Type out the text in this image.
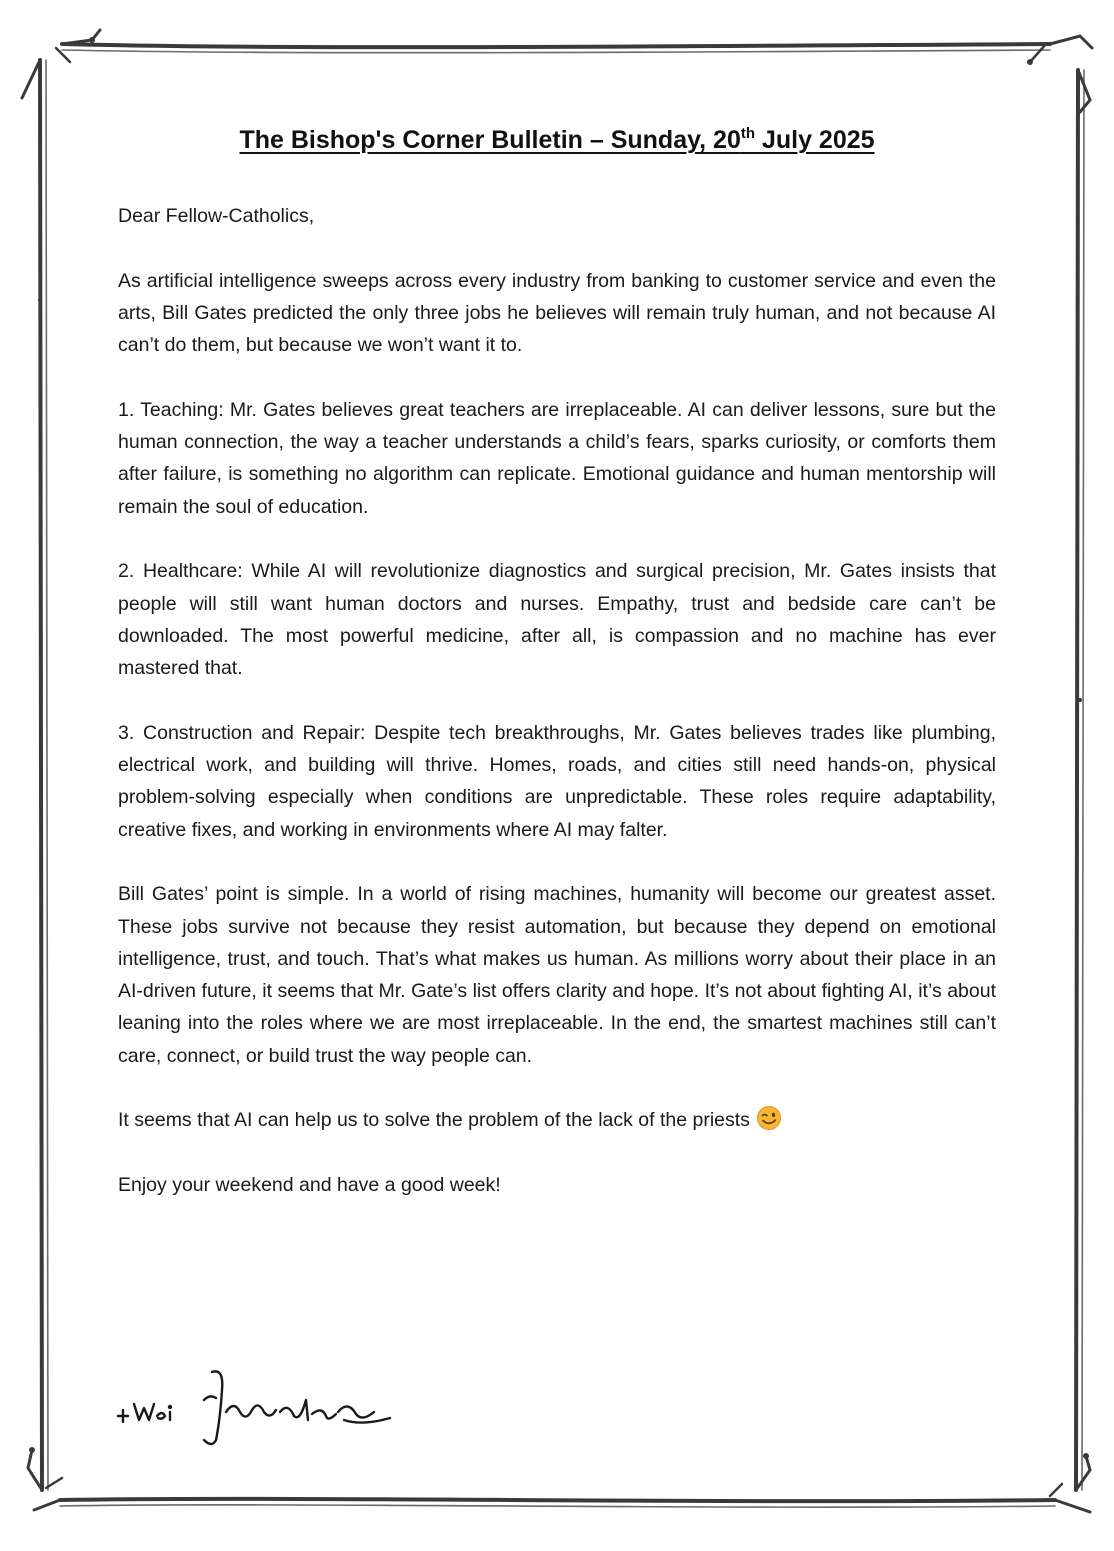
The Bishop's Corner Bulletin – Sunday, 20th July 2025

Dear Fellow-Catholics,

As artificial intelligence sweeps across every industry from banking to customer service and even the arts, Bill Gates predicted the only three jobs he believes will remain truly human, and not because AI can’t do them, but because we won’t want it to.

1. Teaching: Mr. Gates believes great teachers are irreplaceable. AI can deliver lessons, sure but the human connection, the way a teacher understands a child’s fears, sparks curiosity, or comforts them after failure, is something no algorithm can replicate. Emotional guidance and human mentorship will remain the soul of education.

2. Healthcare: While AI will revolutionize diagnostics and surgical precision, Mr. Gates insists that people will still want human doctors and nurses. Empathy, trust and bedside care can’t be downloaded. The most powerful medicine, after all, is compassion and no machine has ever mastered that.

3. Construction and Repair: Despite tech breakthroughs, Mr. Gates believes trades like plumbing, electrical work, and building will thrive. Homes, roads, and cities still need hands-on, physical problem-solving especially when conditions are unpredictable. These roles require adaptability, creative fixes, and working in environments where AI may falter.

Bill Gates’ point is simple. In a world of rising machines, humanity will become our greatest asset. These jobs survive not because they resist automation, but because they depend on emotional intelligence, trust, and touch. That’s what makes us human. As millions worry about their place in an AI-driven future, it seems that Mr. Gate’s list offers clarity and hope. It’s not about fighting AI, it’s about leaning into the roles where we are most irreplaceable. In the end, the smartest machines still can’t care, connect, or build trust the way people can.

It seems that AI can help us to solve the problem of the lack of the priests

Enjoy your weekend and have a good week!
